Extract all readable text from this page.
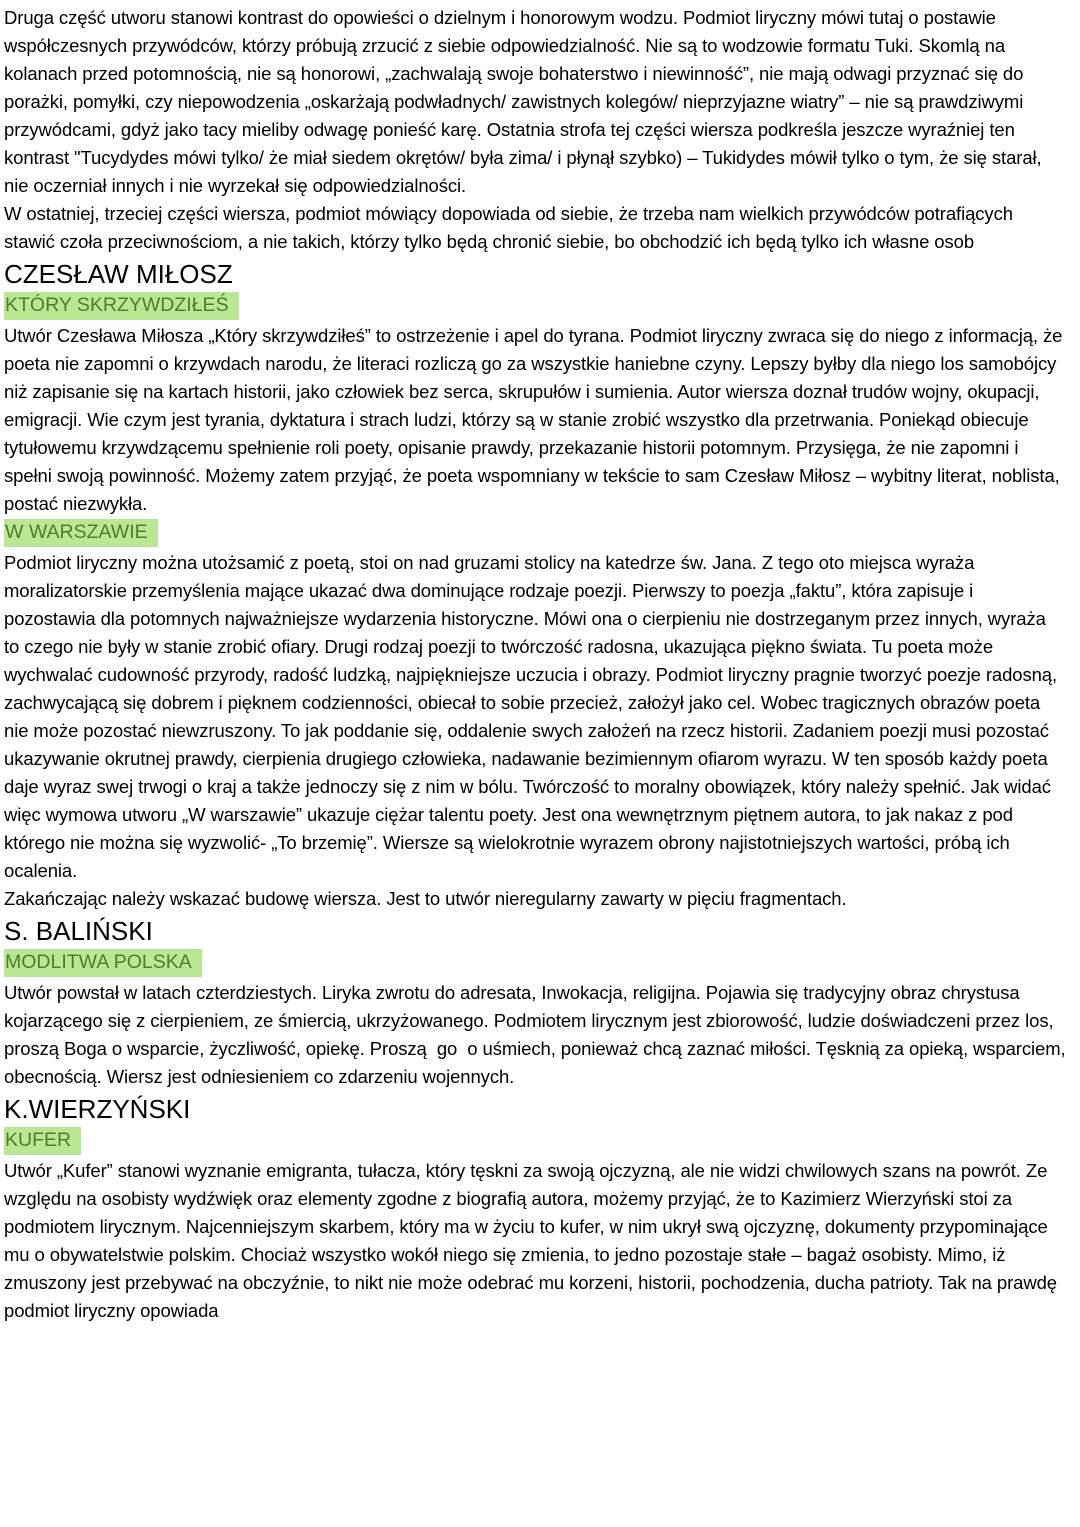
Druga część utworu stanowi kontrast do opowieści o dzielnym i honorowym wodzu. Podmiot liryczny mówi tutaj o postawie współczesnych przywódców, którzy próbują zrzucić z siebie odpowiedzialność. Nie są to wodzowie formatu Tuki. Skomlą na kolanach przed potomnością, nie są honorowi, „zachwalają swoje bohaterstwo i niewinność”, nie mają odwagi przyznać się do porażki, pomyłki, czy niepowodzenia „oskarżają podwładnych/ zawistnych kolegów/ nieprzyjazne wiatry” – nie są prawdziwymi przywódcami, gdyż jako tacy mieliby odwagę ponieść karę. Ostatnia strofa tej części wiersza podkreśla jeszcze wyraźniej ten kontrast "Tucydydes mówi tylko/ że miał siedem okrętów/ była zima/ i płynął szybko) – Tukidydes mówił tylko o tym, że się starał, nie oczerniał innych i nie wyrzekał się odpowiedzialności.

W ostatniej, trzeciej części wiersza, podmiot mówiący dopowiada od siebie, że trzeba nam wielkich przywódców potrafiących stawić czoła przeciwnościom, a nie takich, którzy tylko będą chronić siebie, bo obchodzić ich będą tylko ich własne osob

CZESŁAW MIŁOSZ
KTÓRY SKRZYWDZIŁEŚ

Utwór Czesława Miłosza „Który skrzywdziłeś” to ostrzeżenie i apel do tyrana. Podmiot liryczny zwraca się do niego z informacją, że poeta nie zapomni o krzywdach narodu, że literaci rozliczą go za wszystkie haniebne czyny. Lepszy byłby dla niego los samobójcy niż zapisanie się na kartach historii, jako człowiek bez serca, skrupułów i sumienia. Autor wiersza doznał trudów wojny, okupacji, emigracji. Wie czym jest tyrania, dyktatura i strach ludzi, którzy są w stanie zrobić wszystko dla przetrwania. Poniekąd obiecuje tytułowemu krzywdzącemu spełnienie roli poety, opisanie prawdy, przekazanie historii potomnym. Przysięga, że nie zapomni i spełni swoją powinność. Możemy zatem przyjąć, że poeta wspomniany w tekście to sam Czesław Miłosz – wybitny literat, noblista, postać niezwykła.

W WARSZAWIE

Podmiot liryczny można utożsamić z poetą, stoi on nad gruzami stolicy na katedrze św. Jana. Z tego oto miejsca wyraża moralizatorskie przemyślenia mające ukazać dwa dominujące rodzaje poezji. Pierwszy to poezja „faktu”, która zapisuje i pozostawia dla potomnych najważniejsze wydarzenia historyczne. Mówi ona o cierpieniu nie dostrzeganym przez innych, wyraża to czego nie były w stanie zrobić ofiary. Drugi rodzaj poezji to twórczość radosna, ukazująca piękno świata. Tu poeta może wychwalać cudowność przyrody, radość ludzką, najpiękniejsze uczucia i obrazy. Podmiot liryczny pragnie tworzyć poezje radosną, zachwycającą się dobrem i pięknem codzienności, obiecał to sobie przecież, założył jako cel. Wobec tragicznych obrazów poeta nie może pozostać niewzruszony. To jak poddanie się, oddalenie swych założeń na rzecz historii. Zadaniem poezji musi pozostać ukazywanie okrutnej prawdy, cierpienia drugiego człowieka, nadawanie bezimiennym ofiarom wyrazu. W ten sposób każdy poeta daje wyraz swej trwogi o kraj a także jednoczy się z nim w bólu. Twórczość to moralny obowiązek, który należy spełnić. Jak widać więc wymowa utworu „W warszawie” ukazuje ciężar talentu poety. Jest ona wewnętrznym piętnem autora, to jak nakaz z pod którego nie można się wyzwolić- „To brzemię”. Wiersze są wielokrotnie wyrazem obrony najistotniejszych wartości, próbą ich ocalenia.

Zakańczając należy wskazać budowę wiersza. Jest to utwór nieregularny zawarty w pięciu fragmentach.

S. BALIŃSKI
MODLITWA POLSKA

Utwór powstał w latach czterdziestych. Liryka zwrotu do adresata, Inwokacja, religijna. Pojawia się tradycyjny obraz chrystusa kojarzącego się z cierpieniem, ze śmiercią, ukrzyżowanego. Podmiotem lirycznym jest zbiorowość, ludzie doświadczeni przez los, proszą Boga o wsparcie, życzliwość, opiekę. Proszą  go  o uśmiech, ponieważ chcą zaznać miłości. Tęsknią za opieką, wsparciem, obecnością. Wiersz jest odniesieniem co zdarzeniu wojennych.

K.WIERZYŃSKI
KUFER

Utwór „Kufer” stanowi wyznanie emigranta, tułacza, który tęskni za swoją ojczyzną, ale nie widzi chwilowych szans na powrót. Ze względu na osobisty wydźwięk oraz elementy zgodne z biografią autora, możemy przyjąć, że to Kazimierz Wierzyński stoi za podmiotem lirycznym. Najcenniejszym skarbem, który ma w życiu to kufer, w nim ukrył swą ojczyznę, dokumenty przypominające mu o obywatelstwie polskim. Chociaż wszystko wokół niego się zmienia, to jedno pozostaje stałe – bagaż osobisty. Mimo, iż zmuszony jest przebywać na obczyźnie, to nikt nie może odebrać mu korzeni, historii, pochodzenia, ducha patrioty. Tak na prawdę podmiot liryczny opowiada
